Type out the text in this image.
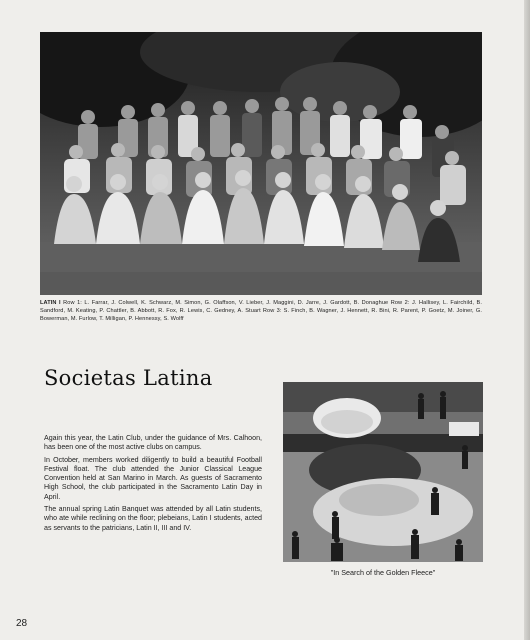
LATIN I Row 1: L. Farrar, J. Colwell, K. Schwarz, M. Simon, G. Olaffson, V. Lieber, J. Maggini, D. Jarre, J. Gardott, B. Donaghue Row 2: J. Hallisey, L. Fairchild, B. Sandford, M. Keating, P. Chattler, B. Abbott, R. Fox, R. Lewis, C. Gedney, A. Stuart Row 3: S. Finch, B. Wagner, J. Hennett, R. Bini, R. Parent, P. Goetz, M. Joiner, G. Bowerman, M. Furlow, T. Milligan, P. Hennessy, S. Wolff
Societas Latina

Again this year, the Latin Club, under the guidance of Mrs. Calhoon, has been one of the most active clubs on campus.

In October, members worked diligently to build a beautiful Football Festival float. The club attended the Junior Classical League Convention held at San Marino in March. As guests of Sacramento High School, the club participated in the Sacramento Latin Day in April.

The annual spring Latin Banquet was attended by all Latin students, who ate while reclining on the floor; plebeians, Latin I students, acted as servants to the patricians, Latin II, III and IV.

"In Search of the Golden Fleece"
28
